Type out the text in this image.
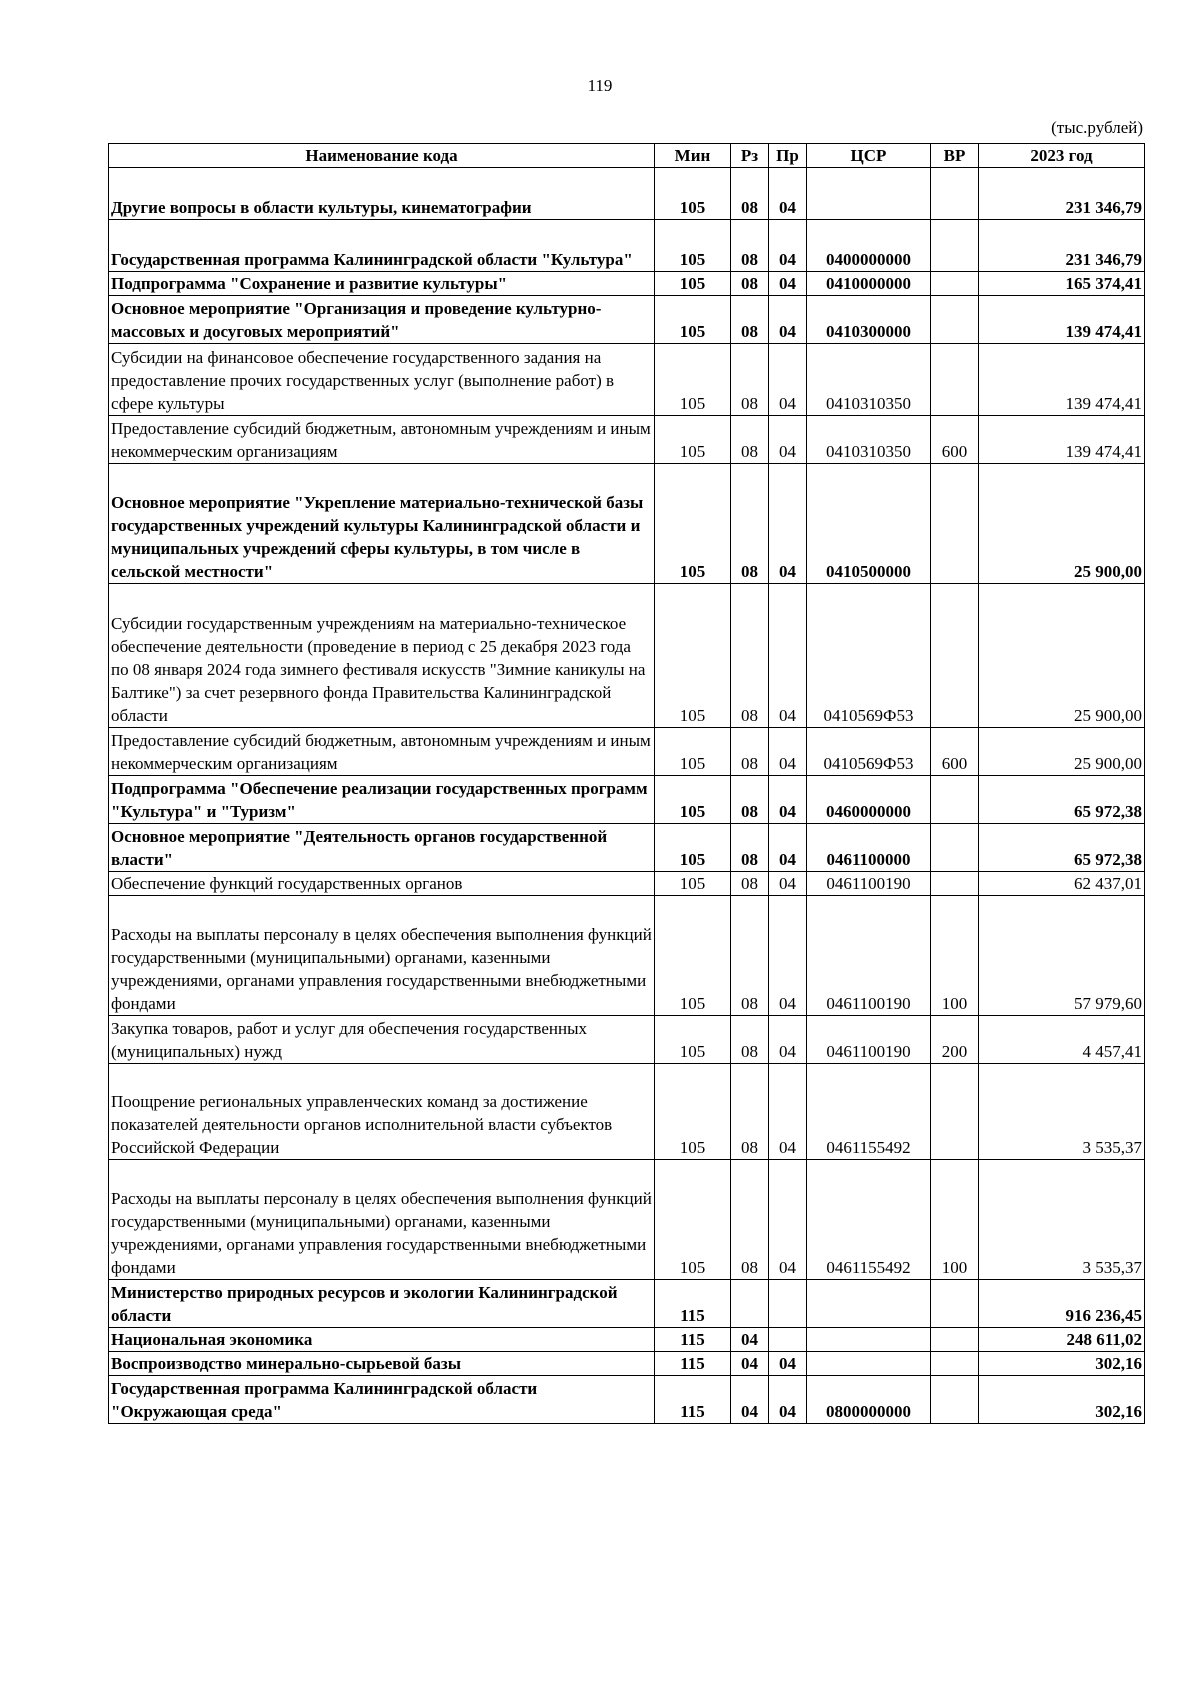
119
(тыс.рублей)
Наименование кода	Мин	Рз	Пр	ЦСР	ВР	2023 год
Другие вопросы в области культуры, кинематографии	105	08	04			231 346,79
Государственная программа Калининградской области "Культура"	105	08	04	0400000000		231 346,79
Подпрограмма "Сохранение и развитие культуры"	105	08	04	0410000000		165 374,41
Основное мероприятие "Организация и проведение культурно-массовых и досуговых мероприятий"	105	08	04	0410300000		139 474,41
Субсидии на финансовое обеспечение государственного задания на предоставление прочих государственных услуг (выполнение работ) в сфере культуры	105	08	04	0410310350		139 474,41
Предоставление субсидий бюджетным, автономным учреждениям и иным некоммерческим организациям	105	08	04	0410310350	600	139 474,41
Основное мероприятие "Укрепление материально-технической базы государственных учреждений культуры Калининградской области и муниципальных учреждений сферы культуры, в том числе в сельской местности"	105	08	04	0410500000		25 900,00
Субсидии государственным учреждениям на материально-техническое обеспечение деятельности (проведение в период с 25 декабря 2023 года по 08 января 2024 года зимнего фестиваля искусств "Зимние каникулы на Балтике") за счет резервного фонда Правительства Калининградской области	105	08	04	0410569Ф53		25 900,00
Предоставление субсидий бюджетным, автономным учреждениям и иным некоммерческим организациям	105	08	04	0410569Ф53	600	25 900,00
Подпрограмма "Обеспечение реализации государственных программ "Культура" и "Туризм"	105	08	04	0460000000		65 972,38
Основное мероприятие "Деятельность органов государственной власти"	105	08	04	0461100000		65 972,38
Обеспечение функций государственных органов	105	08	04	0461100190		62 437,01
Расходы на выплаты персоналу в целях обеспечения выполнения функций государственными (муниципальными) органами, казенными учреждениями, органами управления государственными внебюджетными фондами	105	08	04	0461100190	100	57 979,60
Закупка товаров, работ и услуг для обеспечения государственных (муниципальных) нужд	105	08	04	0461100190	200	4 457,41
Поощрение региональных управленческих команд за достижение показателей деятельности органов исполнительной власти субъектов Российской Федерации	105	08	04	0461155492		3 535,37
Расходы на выплаты персоналу в целях обеспечения выполнения функций государственными (муниципальными) органами, казенными учреждениями, органами управления государственными внебюджетными фондами	105	08	04	0461155492	100	3 535,37
Министерство природных ресурсов и экологии Калининградской области	115					916 236,45
Национальная экономика	115	04				248 611,02
Воспроизводство минерально-сырьевой базы	115	04	04			302,16
Государственная программа Калининградской области "Окружающая среда"	115	04	04	0800000000		302,16
